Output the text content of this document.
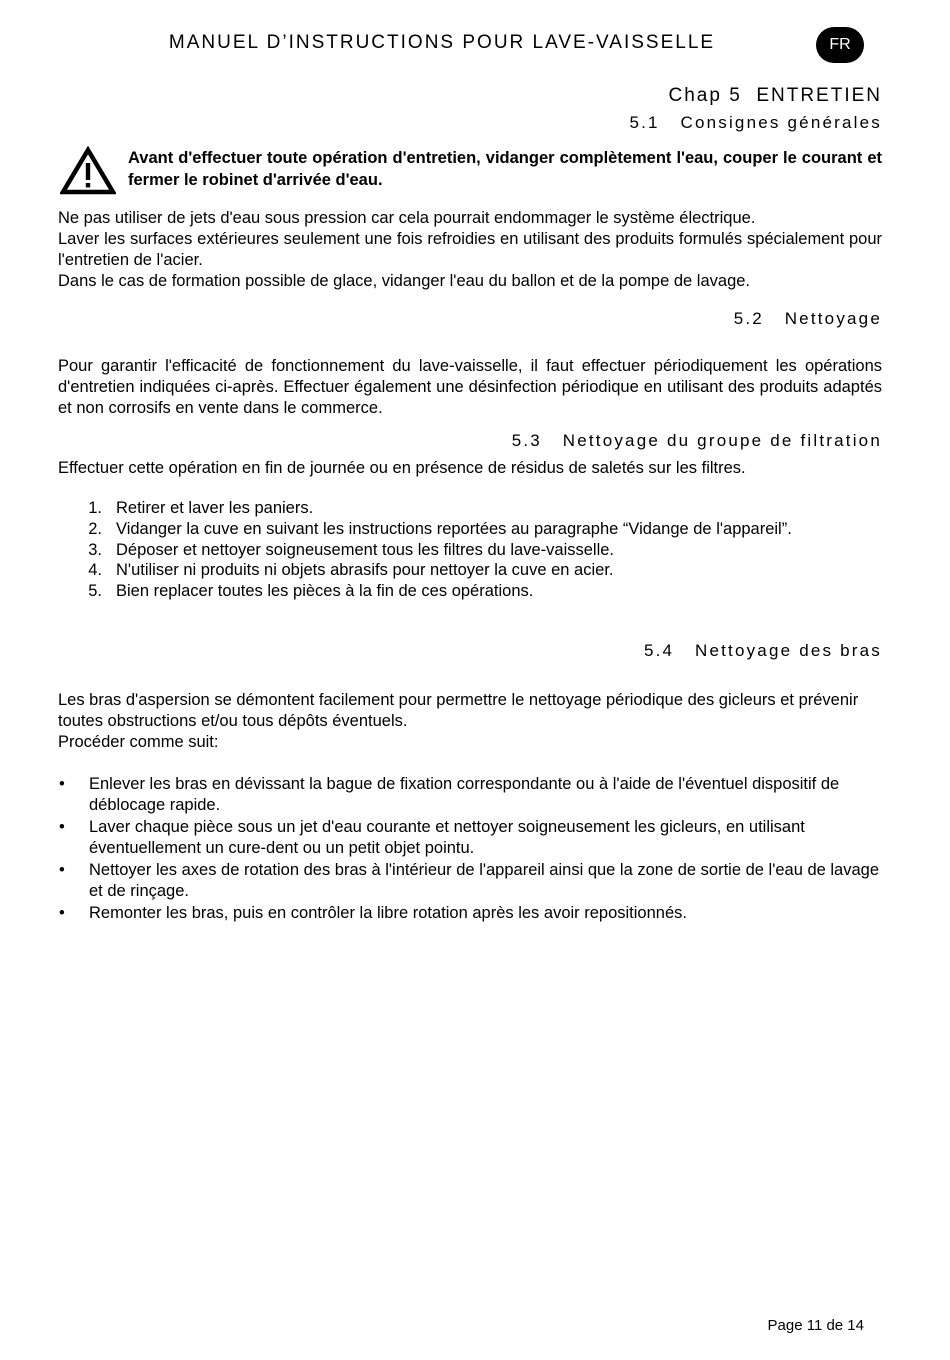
MANUEL D’INSTRUCTIONS POUR LAVE-VAISSELLE	FR
Chap 5  ENTRETIEN
5.1   Consignes générales
Avant d'effectuer toute opération d'entretien, vidanger complètement l'eau, couper le courant et fermer le robinet d'arrivée d'eau.
Ne pas utiliser de jets d'eau sous pression car cela pourrait endommager le système électrique.
Laver les surfaces extérieures seulement une fois refroidies en utilisant des produits formulés spécialement pour l'entretien de l'acier.
Dans le cas de formation possible de glace, vidanger l'eau du ballon et de la pompe de lavage.
5.2   Nettoyage
Pour garantir l'efficacité de fonctionnement du lave-vaisselle, il faut effectuer périodiquement les opérations d'entretien indiquées ci-après. Effectuer également une désinfection périodique en utilisant des produits adaptés et non corrosifs en vente dans le commerce.
5.3   Nettoyage du groupe de filtration
Effectuer cette opération en fin de journée ou en présence de résidus de saletés sur les filtres.
1. Retirer et laver les paniers.
2. Vidanger la cuve en suivant les instructions reportées au paragraphe “Vidange de l'appareil”.
3. Déposer et nettoyer soigneusement tous les filtres du lave-vaisselle.
4. N'utiliser ni produits ni objets abrasifs pour nettoyer la cuve en acier.
5. Bien replacer toutes les pièces à la fin de ces opérations.
5.4   Nettoyage des bras
Les bras d'aspersion se démontent facilement pour permettre le nettoyage périodique des gicleurs et prévenir toutes obstructions et/ou tous dépôts éventuels.
Procéder comme suit:
• Enlever les bras en dévissant la bague de fixation correspondante ou à l'aide de l'éventuel dispositif de déblocage rapide.
• Laver chaque pièce sous un jet d'eau courante et nettoyer soigneusement les gicleurs, en utilisant éventuellement un cure-dent ou un petit objet pointu.
• Nettoyer les axes de rotation des bras à l'intérieur de l'appareil ainsi que la zone de sortie de l'eau de lavage et de rinçage.
• Remonter les bras, puis en contrôler la libre rotation après les avoir repositionnés.
Page 11 de 14
